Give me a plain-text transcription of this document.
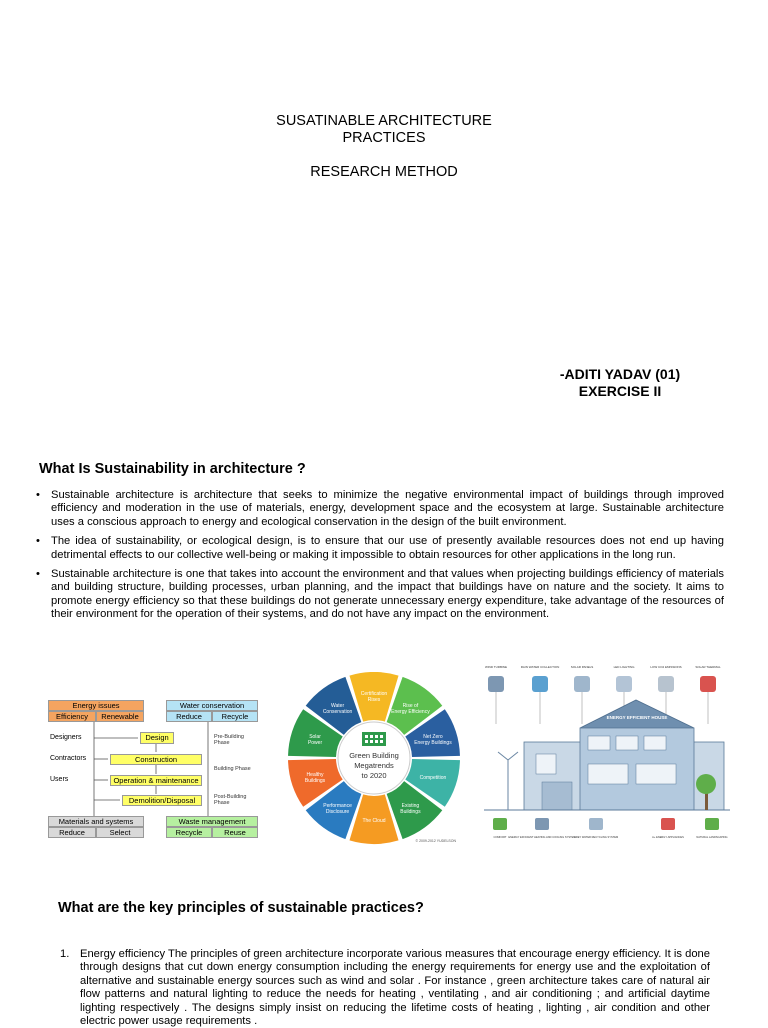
SUSATINABLE ARCHITECTURE
PRACTICES
RESEARCH METHOD
-ADITI YADAV (01)
EXERCISE II
What Is Sustainability in architecture ?
• Sustainable architecture is architecture that seeks to minimize the negative environmental impact of buildings through improved efficiency and moderation in the use of materials, energy, development space and the ecosystem at large. Sustainable architecture uses a conscious approach to energy and ecological conservation in the design of the built environment.
• The idea of sustainability, or ecological design, is to ensure that our use of presently available resources does not end up having detrimental effects to our collective well-being or making it impossible to obtain resources for other applications in the long run.
• Sustainable architecture is one that takes into account the environment and that values when projecting buildings efficiency of materials and building structure, building processes, urban planning, and the impact that buildings have on nature and the society. It aims to promote energy efficiency so that these buildings do not generate unnecessary energy expenditure, take advantage of the resources of their environment for the operation of their systems, and do not have any impact on the environment.
Energy issues
Efficiency	Renewable
Water conservation
Reduce	Recycle
Designers
Contractors
Users
Design
Construction
Operation & maintenance
Demolition/Disposal
Pre-Building Phase
Building Phase
Post-Building Phase
Materials and systems
Reduce	Select
Waste management
Recycle	Reuse
Green Building
Megatrends
to 2020
Certification Rises
Rise of Energy Efficiency
Net Zero Energy Buildings
Competition
Existing Buildings
The Cloud
Performance Disclosure
Healthy Buildings
Solar Power
Water Conservation
© 2009-2012 YUDELSON
WIND TURBINE	RAIN WATER COLLECTION	SOLAR PANELS	LED LIGHTING	LOW CO2 EMISSIONS	SOLAR THERMAL
ENERGY EFFICIENT HOUSE
COMFORT ENERGY EFFICIENT HEATING AND COOLING SYSTEM
GREY WATER RECYCLING SYSTEM	A+ ENERGY APPLIANCES	NATURAL LANDSCAPING
What are the key principles of sustainable practices?
1. Energy efficiency The principles of green architecture incorporate various measures that encourage energy efficiency. It is done through designs that cut down energy consumption including the energy requirements for energy use and the exploitation of alternative and sustainable energy sources such as wind and solar . For instance , green architecture takes care of natural air flow patterns and natural lighting to reduce the needs for heating , ventilating , and air conditioning ; and artificial daytime lighting respectively . The designs simply insist on reducing the lifetime costs of heating , lighting , air condition and other electric power usage requirements .
